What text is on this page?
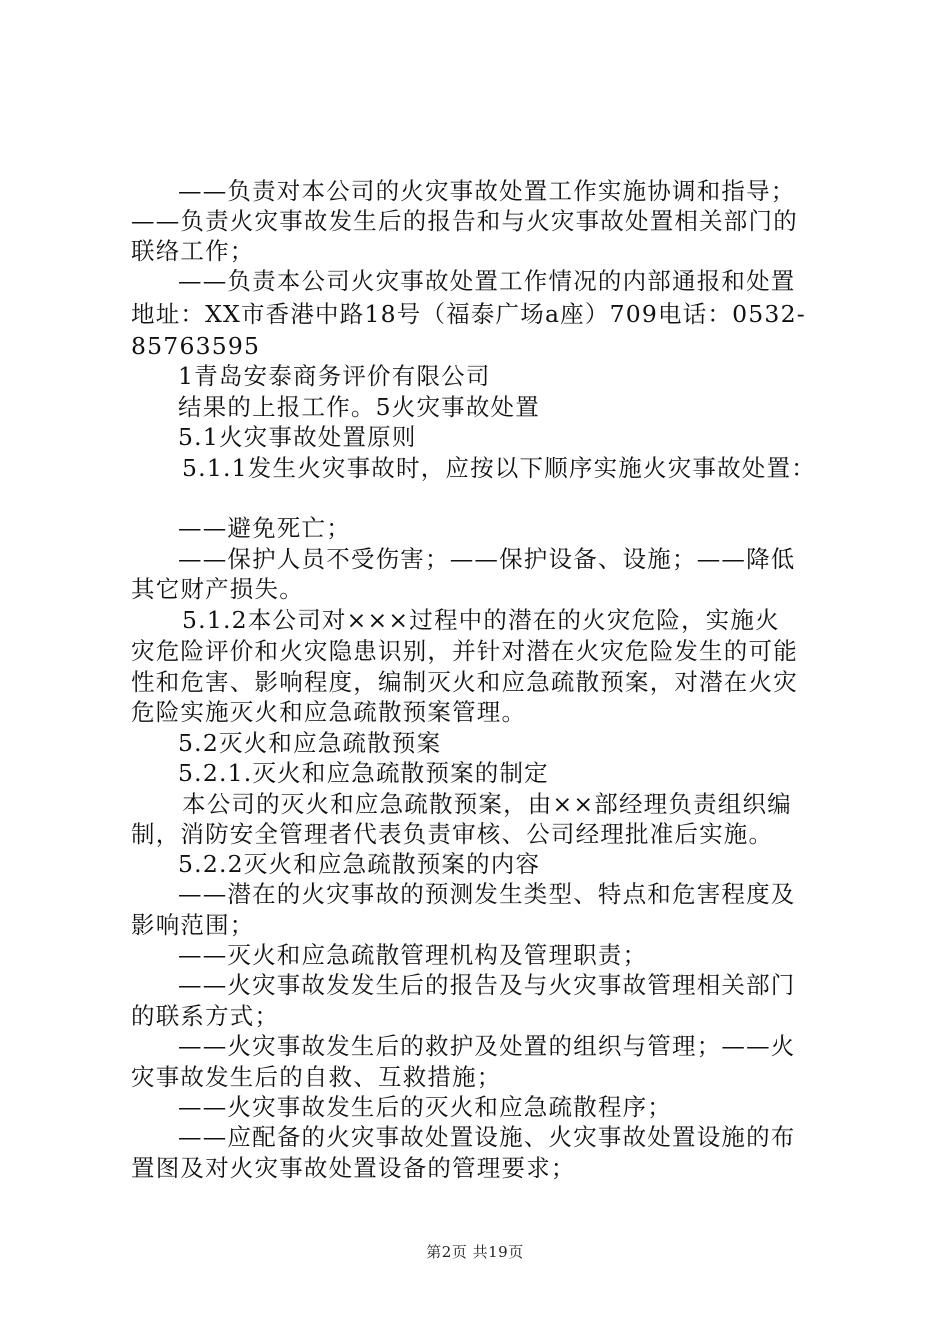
——负责对本公司的火灾事故处置工作实施协调和指导；
——负责火灾事故发生后的报告和与火灾事故处置相关部门的
联络工作；
——负责本公司火灾事故处置工作情况的内部通报和处置
地址：XX市香港中路18号（福泰广场a座）709电话：0532-
85763595
1青岛安泰商务评价有限公司
结果的上报工作。5火灾事故处置
5.1火灾事故处置原则
5.1.1发生火灾事故时，应按以下顺序实施火灾事故处置：
——避免死亡；
——保护人员不受伤害；——保护设备、设施；——降低
其它财产损失。
5.1.2本公司对×××过程中的潜在的火灾危险，实施火
灾危险评价和火灾隐患识别，并针对潜在火灾危险发生的可能
性和危害、影响程度，编制灭火和应急疏散预案，对潜在火灾
危险实施灭火和应急疏散预案管理。
5.2灭火和应急疏散预案
5.2.1.灭火和应急疏散预案的制定
本公司的灭火和应急疏散预案，由××部经理负责组织编
制，消防安全管理者代表负责审核、公司经理批准后实施。
5.2.2灭火和应急疏散预案的内容
——潜在的火灾事故的预测发生类型、特点和危害程度及
影响范围；
——灭火和应急疏散管理机构及管理职责；
——火灾事故发发生后的报告及与火灾事故管理相关部门
的联系方式；
——火灾事故发生后的救护及处置的组织与管理；——火
灾事故发生后的自救、互救措施；
——火灾事故发生后的灭火和应急疏散程序；
——应配备的火灾事故处置设施、火灾事故处置设施的布
置图及对火灾事故处置设备的管理要求；
第2页 共19页
